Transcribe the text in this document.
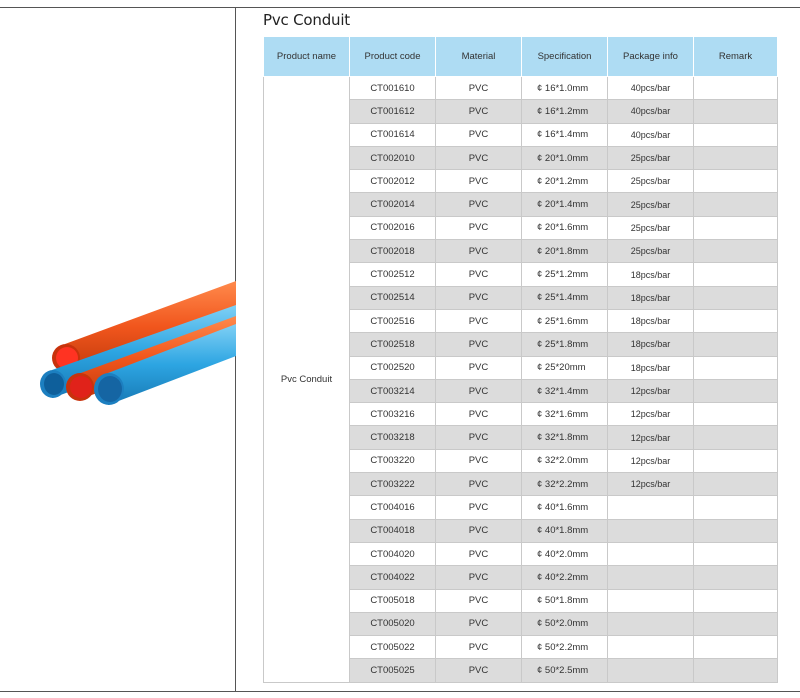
Pvc Conduit
Product name	Product code	Material	Specification	Package info	Remark
Pvc Conduit	CT001610	PVC	¢ 16*1.0mm	40pcs/bar	
	CT001612	PVC	¢ 16*1.2mm	40pcs/bar	
	CT001614	PVC	¢ 16*1.4mm	40pcs/bar	
	CT002010	PVC	¢ 20*1.0mm	25pcs/bar	
	CT002012	PVC	¢ 20*1.2mm	25pcs/bar	
	CT002014	PVC	¢ 20*1.4mm	25pcs/bar	
	CT002016	PVC	¢ 20*1.6mm	25pcs/bar	
	CT002018	PVC	¢ 20*1.8mm	25pcs/bar	
	CT002512	PVC	¢ 25*1.2mm	18pcs/bar	
	CT002514	PVC	¢ 25*1.4mm	18pcs/bar	
	CT002516	PVC	¢ 25*1.6mm	18pcs/bar	
	CT002518	PVC	¢ 25*1.8mm	18pcs/bar	
	CT002520	PVC	¢ 25*20mm	18pcs/bar	
	CT003214	PVC	¢ 32*1.4mm	12pcs/bar	
	CT003216	PVC	¢ 32*1.6mm	12pcs/bar	
	CT003218	PVC	¢ 32*1.8mm	12pcs/bar	
	CT003220	PVC	¢ 32*2.0mm	12pcs/bar	
	CT003222	PVC	¢ 32*2.2mm	12pcs/bar	
	CT004016	PVC	¢ 40*1.6mm		
	CT004018	PVC	¢ 40*1.8mm		
	CT004020	PVC	¢ 40*2.0mm		
	CT004022	PVC	¢ 40*2.2mm		
	CT005018	PVC	¢ 50*1.8mm		
	CT005020	PVC	¢ 50*2.0mm		
	CT005022	PVC	¢ 50*2.2mm		
	CT005025	PVC	¢ 50*2.5mm		
